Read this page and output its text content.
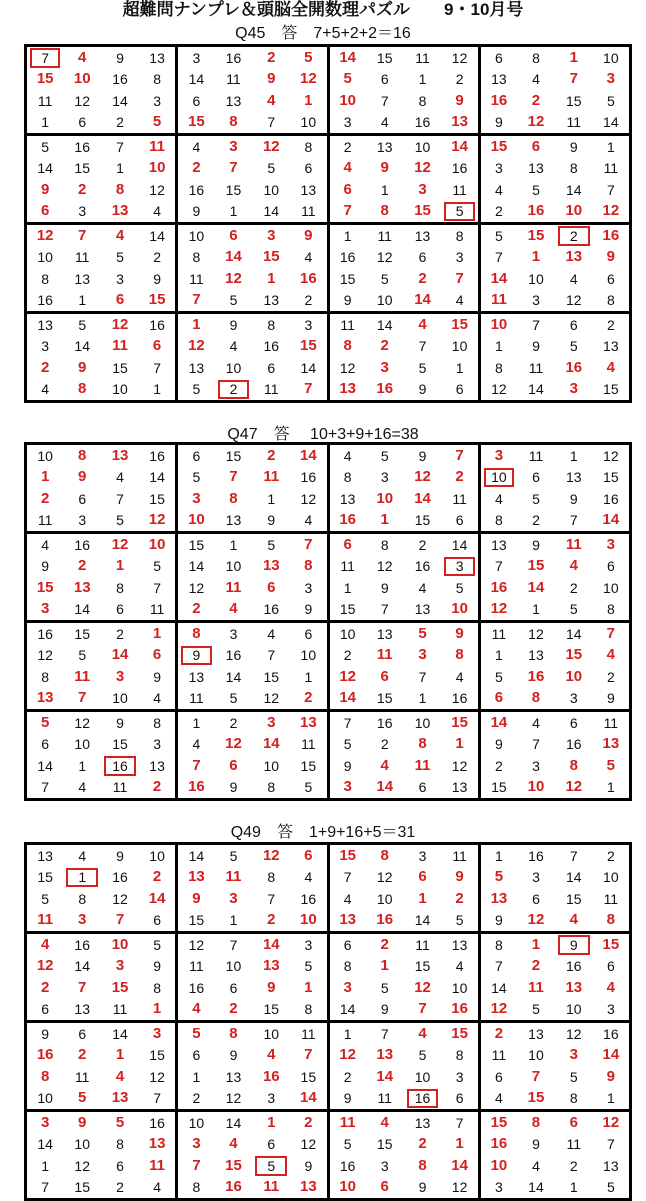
超難問ナンプレ＆頭脳全開数理パズル　　9・10月号
Q45　答　7+5+2+2＝16
7	4	9	13	3	16	2	5	14	15	11	12	6	8	1	10
15	10	16	8	14	11	9	12	5	6	1	2	13	4	7	3
11	12	14	3	6	13	4	1	10	7	8	9	16	2	15	5
1	6	2	5	15	8	7	10	3	4	16	13	9	12	11	14
5	16	7	11	4	3	12	8	2	13	10	14	15	6	9	1
14	15	1	10	2	7	5	6	4	9	12	16	3	13	8	11
9	2	8	12	16	15	10	13	6	1	3	11	4	5	14	7
6	3	13	4	9	1	14	11	7	8	15	5	2	16	10	12
12	7	4	14	10	6	3	9	1	11	13	8	5	15	2	16
10	11	5	2	8	14	15	4	16	12	6	3	7	1	13	9
8	13	3	9	11	12	1	16	15	5	2	7	14	10	4	6
16	1	6	15	7	5	13	2	9	10	14	4	11	3	12	8
13	5	12	16	1	9	8	3	11	14	4	15	10	7	6	2
3	14	11	6	12	4	16	15	8	2	7	10	1	9	5	13
2	9	15	7	13	10	6	14	12	3	5	1	8	11	16	4
4	8	10	1	5	2	11	7	13	16	9	6	12	14	3	15
Q47　答　 10+3+9+16=38
10	8	13	16	6	15	2	14	4	5	9	7	3	11	1	12
1	9	4	14	5	7	11	16	8	3	12	2	10	6	13	15
2	6	7	15	3	8	1	12	13	10	14	11	4	5	9	16
11	3	5	12	10	13	9	4	16	1	15	6	8	2	7	14
4	16	12	10	15	1	5	7	6	8	2	14	13	9	11	3
9	2	1	5	14	10	13	8	11	12	16	3	7	15	4	6
15	13	8	7	12	11	6	3	1	9	4	5	16	14	2	10
3	14	6	11	2	4	16	9	15	7	13	10	12	1	5	8
16	15	2	1	8	3	4	6	10	13	5	9	11	12	14	7
12	5	14	6	9	16	7	10	2	11	3	8	1	13	15	4
8	11	3	9	13	14	15	1	12	6	7	4	5	16	10	2
13	7	10	4	11	5	12	2	14	15	1	16	6	8	3	9
5	12	9	8	1	2	3	13	7	16	10	15	14	4	6	11
6	10	15	3	4	12	14	11	5	2	8	1	9	7	16	13
14	1	16	13	7	6	10	15	9	4	11	12	2	3	8	5
7	4	11	2	16	9	8	5	3	14	6	13	15	10	12	1
Q49　答　1+9+16+5＝31
13	4	9	10	14	5	12	6	15	8	3	11	1	16	7	2
15	1	16	2	13	11	8	4	7	12	6	9	5	3	14	10
5	8	12	14	9	3	7	16	4	10	1	2	13	6	15	11
11	3	7	6	15	1	2	10	13	16	14	5	9	12	4	8
4	16	10	5	12	7	14	3	6	2	11	13	8	1	9	15
12	14	3	9	11	10	13	5	8	1	15	4	7	2	16	6
2	7	15	8	16	6	9	1	3	5	12	10	14	11	13	4
6	13	11	1	4	2	15	8	14	9	7	16	12	5	10	3
9	6	14	3	5	8	10	11	1	7	4	15	2	13	12	16
16	2	1	15	6	9	4	7	12	13	5	8	11	10	3	14
8	11	4	12	1	13	16	15	2	14	10	3	6	7	5	9
10	5	13	7	2	12	3	14	9	11	16	6	4	15	8	1
3	9	5	16	10	14	1	2	11	4	13	7	15	8	6	12
14	10	8	13	3	4	6	12	5	15	2	1	16	9	11	7
1	12	6	11	7	15	5	9	16	3	8	14	10	4	2	13
7	15	2	4	8	16	11	13	10	6	9	12	3	14	1	5
